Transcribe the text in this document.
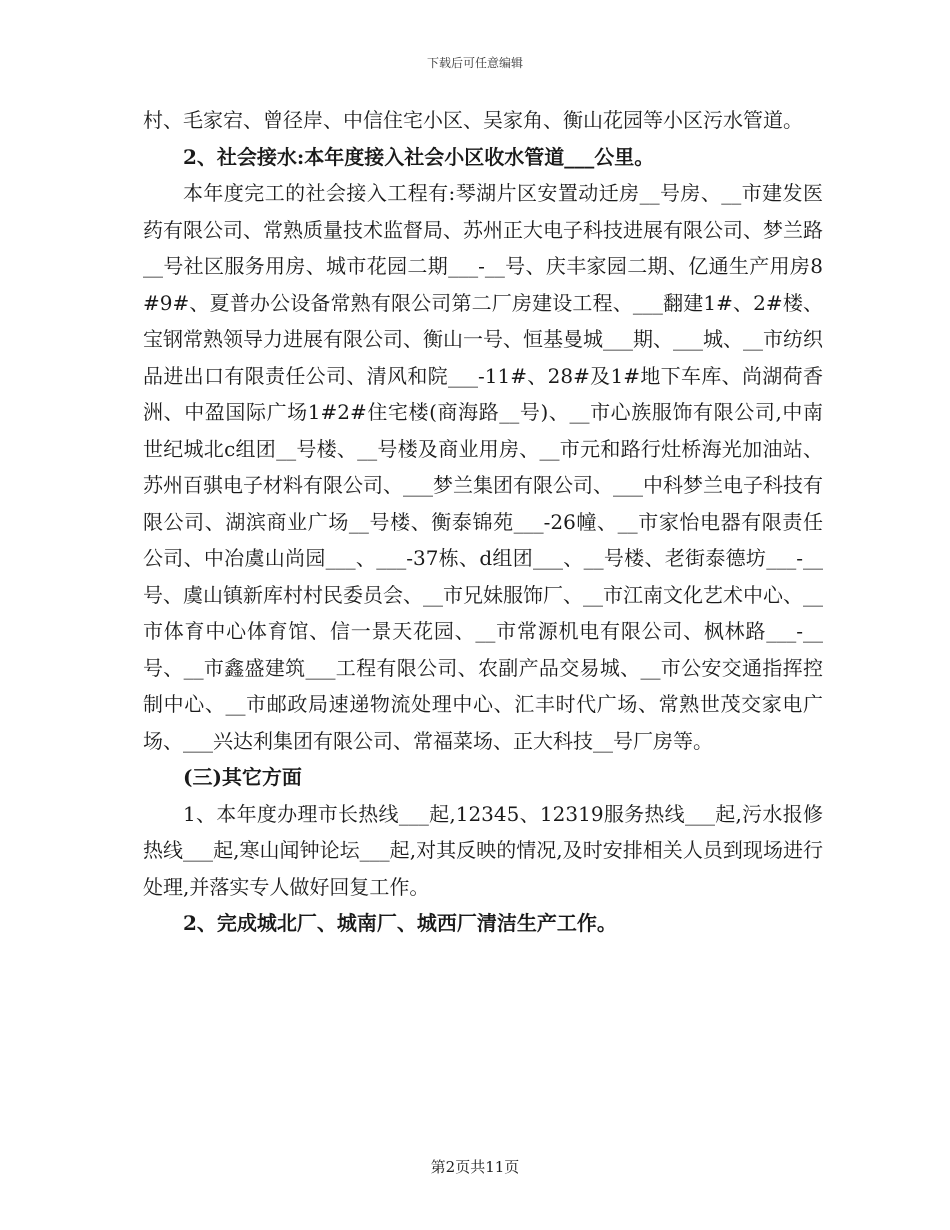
下载后可任意编辑

村、毛家宕、曾径岸、中信住宅小区、吴家角、衡山花园等小区污水管道。

2、社会接水:本年度接入社会小区收水管道___公里。

本年度完工的社会接入工程有:琴湖片区安置动迁房__号房、__市建发医药有限公司、常熟质量技术监督局、苏州正大电子科技进展有限公司、梦兰路__号社区服务用房、城市花园二期___-__号、庆丰家园二期、亿通生产用房8#9#、夏普办公设备常熟有限公司第二厂房建设工程、___翻建1#、2#楼、宝钢常熟领导力进展有限公司、衡山一号、恒基曼城___期、___城、__市纺织品进出口有限责任公司、清风和院___-11#、28#及1#地下车库、尚湖荷香洲、中盈国际广场1#2#住宅楼(商海路__号)、__市心族服饰有限公司,中南世纪城北c组团__号楼、__号楼及商业用房、__市元和路行灶桥海光加油站、苏州百骐电子材料有限公司、___梦兰集团有限公司、___中科梦兰电子科技有限公司、湖滨商业广场__号楼、衡泰锦苑___-26幢、__市家怡电器有限责任公司、中冶虞山尚园___、___-37栋、d组团___、__号楼、老街泰德坊___-__号、虞山镇新库村村民委员会、__市兄妹服饰厂、__市江南文化艺术中心、__市体育中心体育馆、信一景天花园、__市常源机电有限公司、枫林路___-__号、__市鑫盛建筑___工程有限公司、农副产品交易城、__市公安交通指挥控制中心、__市邮政局速递物流处理中心、汇丰时代广场、常熟世茂交家电广场、___兴达利集团有限公司、常福菜场、正大科技__号厂房等。

(三)其它方面

1、本年度办理市长热线___起,12345、12319服务热线___起,污水报修热线___起,寒山闻钟论坛___起,对其反映的情况,及时安排相关人员到现场进行处理,并落实专人做好回复工作。

2、完成城北厂、城南厂、城西厂清洁生产工作。

第2页共11页
